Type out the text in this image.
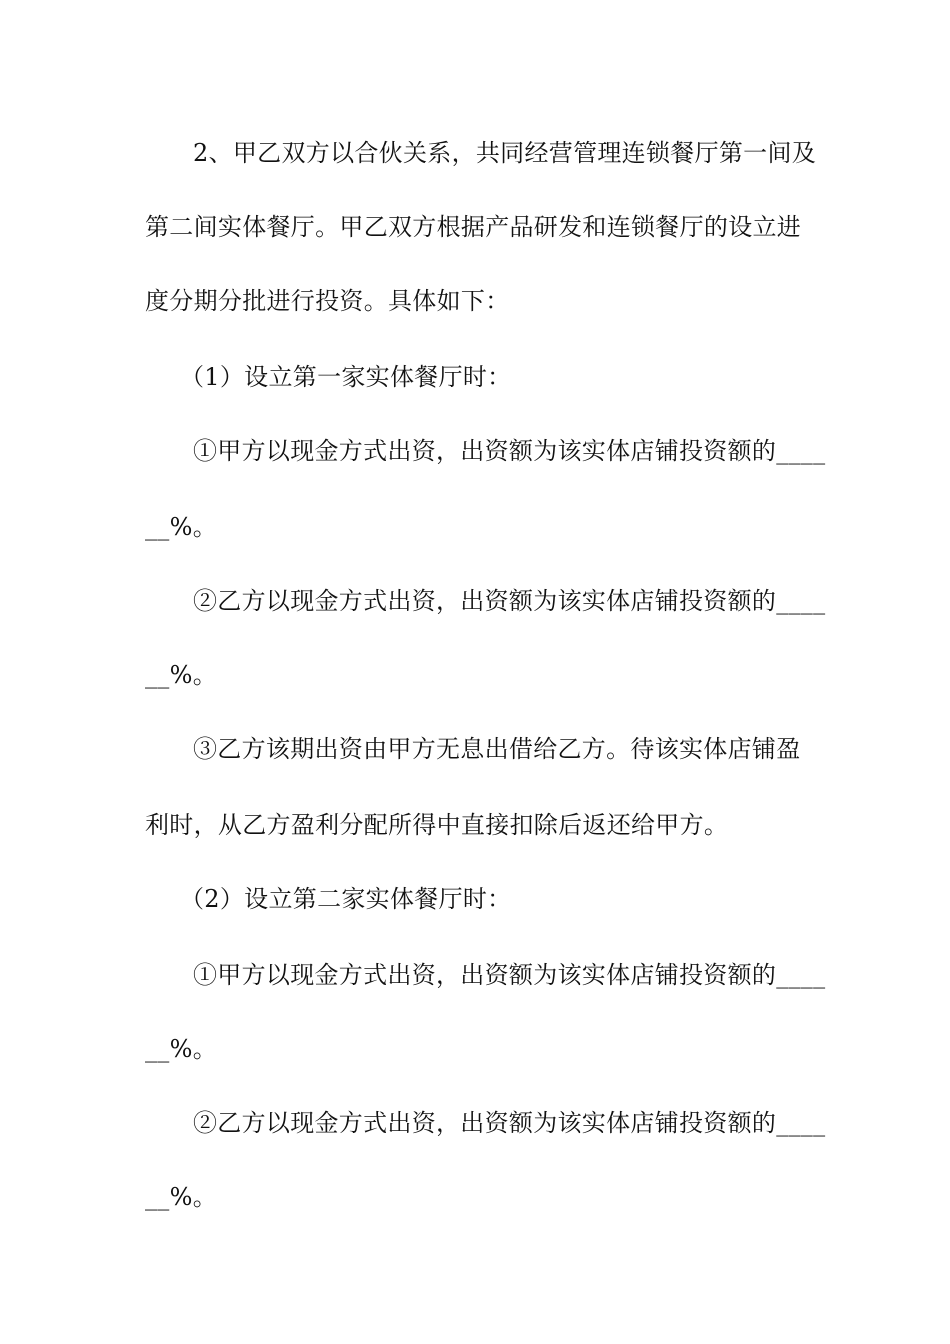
2、甲乙双方以合伙关系，共同经营管理连锁餐厅第一间及
第二间实体餐厅。甲乙双方根据产品研发和连锁餐厅的设立进
度分期分批进行投资。具体如下：
（1）设立第一家实体餐厅时：
①甲方以现金方式出资，出资额为该实体店铺投资额的____
__%。
②乙方以现金方式出资，出资额为该实体店铺投资额的____
__%。
③乙方该期出资由甲方无息出借给乙方。待该实体店铺盈
利时，从乙方盈利分配所得中直接扣除后返还给甲方。
（2）设立第二家实体餐厅时：
①甲方以现金方式出资，出资额为该实体店铺投资额的____
__%。
②乙方以现金方式出资，出资额为该实体店铺投资额的____
__%。
